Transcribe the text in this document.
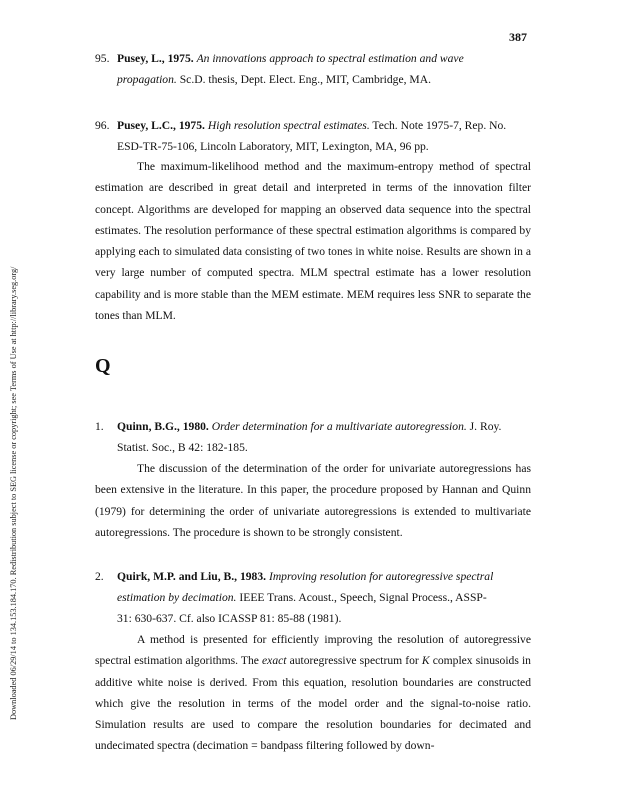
387
Downloaded 06/29/14 to 134.153.184.170. Redistribution subject to SEG license or copyright; see Terms of Use at http://library.seg.org/
95. Pusey, L., 1975. An innovations approach to spectral estimation and wave
propagation. Sc.D. thesis, Dept. Elect. Eng., MIT, Cambridge, MA.
96. Pusey, L.C., 1975. High resolution spectral estimates. Tech. Note 1975-7, Rep. No.
ESD-TR-75-106, Lincoln Laboratory, MIT, Lexington, MA, 96 pp.

The maximum-likelihood method and the maximum-entropy method of spectral estimation are described in great detail and interpreted in terms of the innovation filter concept. Algorithms are developed for mapping an observed data sequence into the spectral estimates. The resolution performance of these spectral estimation algorithms is compared by applying each to simulated data consisting of two tones in white noise. Results are shown in a very large number of computed spectra. MLM spectral estimate has a lower resolution capability and is more stable than the MEM estimate. MEM requires less SNR to separate the tones than MLM.

Q
1. Quinn, B.G., 1980. Order determination for a multivariate autoregression. J. Roy.
Statist. Soc., B 42: 182-185.

The discussion of the determination of the order for univariate autoregressions has been extensive in the literature. In this paper, the procedure proposed by Hannan and Quinn (1979) for determining the order of univariate autoregressions is extended to multivariate autoregressions. The procedure is shown to be strongly consistent.

2. Quirk, M.P. and Liu, B., 1983. Improving resolution for autoregressive spectral
estimation by decimation. IEEE Trans. Acoust., Speech, Signal Process., ASSP-
31: 630-637. Cf. also ICASSP 81: 85-88 (1981).

A method is presented for efficiently improving the resolution of autoregressive spectral estimation algorithms. The exact autoregressive spectrum for K complex sinusoids in additive white noise is derived. From this equation, resolution boundaries are constructed which give the resolution in terms of the model order and the signal-to-noise ratio. Simulation results are used to compare the resolution boundaries for decimated and undecimated spectra (decimation = bandpass filtering followed by down-
